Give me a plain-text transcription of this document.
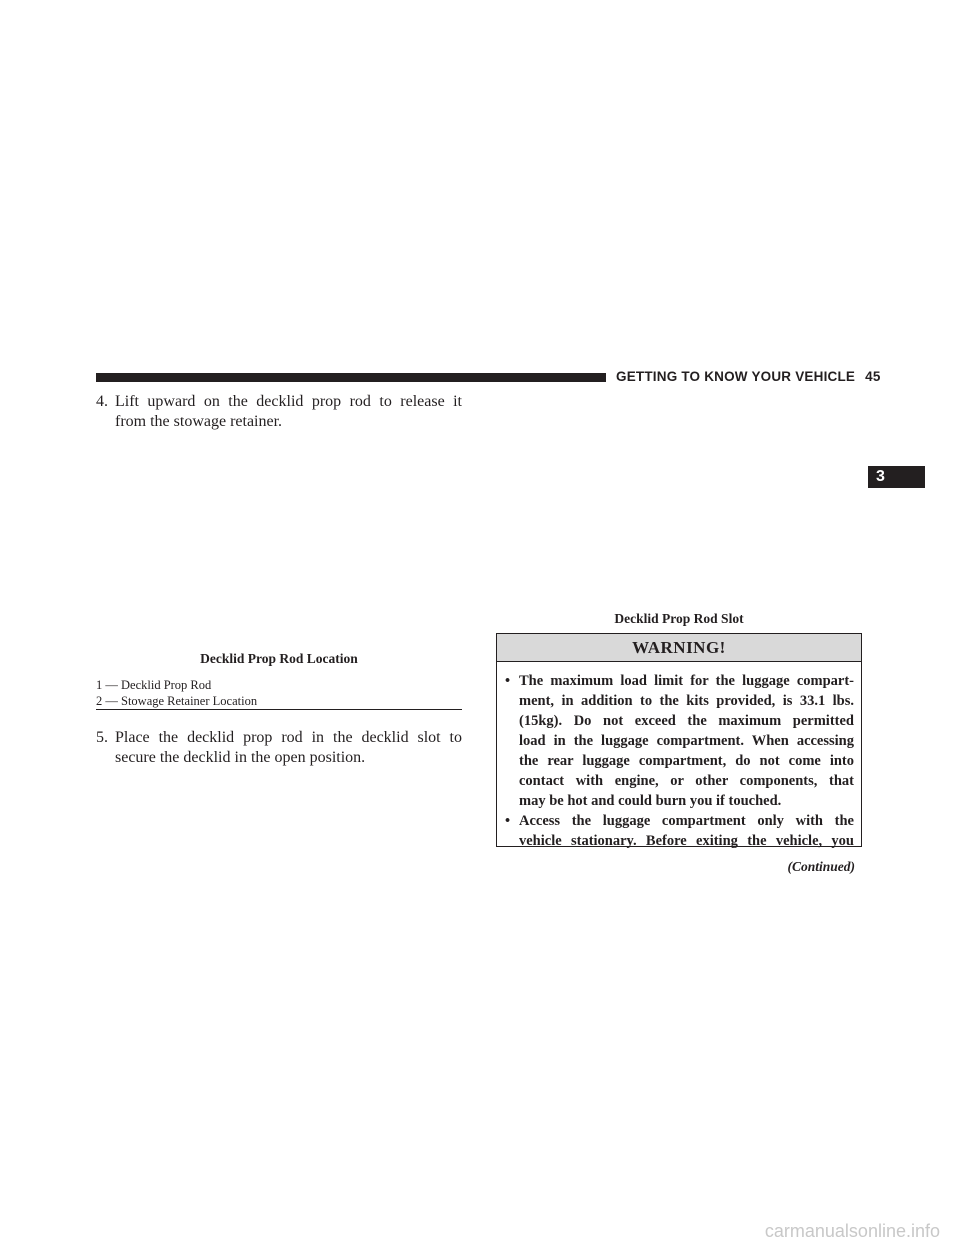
GETTING TO KNOW YOUR VEHICLE 45
3
4. Lift upward on the decklid prop rod to release it
from the stowage retainer.
Decklid Prop Rod Location
1 — Decklid Prop Rod
2 — Stowage Retainer Location
5. Place the decklid prop rod in the decklid slot to
secure the decklid in the open position.
Decklid Prop Rod Slot
WARNING!
• The maximum load limit for the luggage compart-
ment, in addition to the kits provided, is 33.1 lbs.
(15kg). Do not exceed the maximum permitted
load in the luggage compartment. When accessing
the rear luggage compartment, do not come into
contact with engine, or other components, that
may be hot and could burn you if touched.
• Access the luggage compartment only with the
vehicle stationary. Before exiting the vehicle, you
(Continued)
carmanualsonline.info
